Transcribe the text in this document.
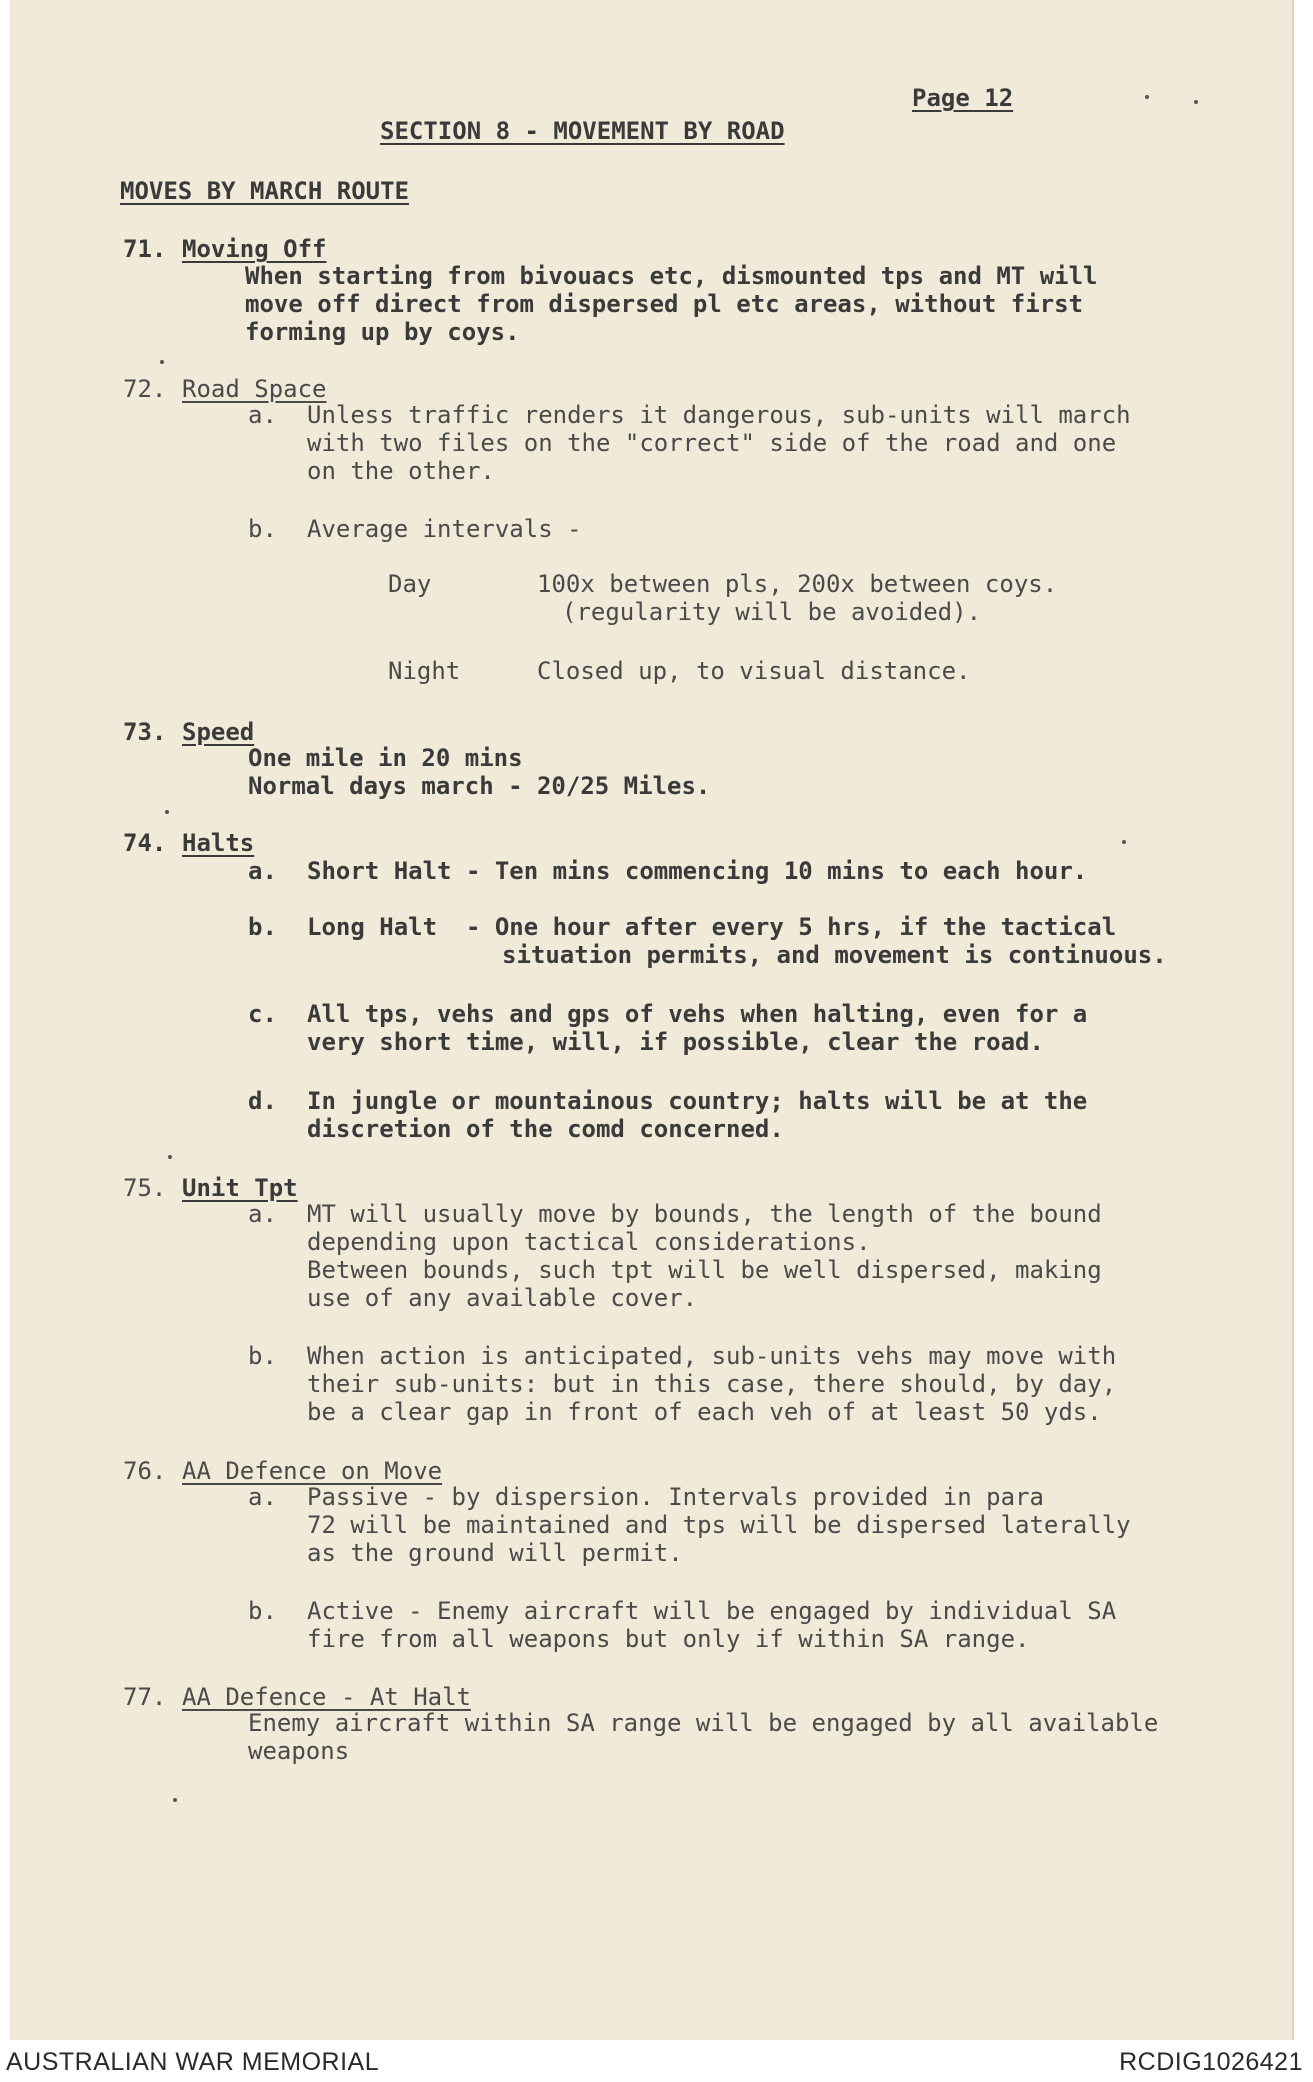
Page 12
SECTION 8 - MOVEMENT BY ROAD
MOVES BY MARCH ROUTE
71. Moving Off
When starting from bivouacs etc, dismounted tps and MT will
move off direct from dispersed pl etc areas, without first
forming up by coys.
72. Road Space
a. Unless traffic renders it dangerous, sub-units will march
with two files on the "correct" side of the road and one
on the other.
b. Average intervals -
Day	100x between pls, 200x between coys.
(regularity will be avoided).
Night	Closed up, to visual distance.
73. Speed
One mile in 20 mins
Normal days march - 20/25 Miles.
74. Halts
a. Short Halt - Ten mins commencing 10 mins to each hour.
b. Long Halt  - One hour after every 5 hrs, if the tactical
situation permits, and movement is continuous.
c. All tps, vehs and gps of vehs when halting, even for a
very short time, will, if possible, clear the road.
d. In jungle or mountainous country; halts will be at the
discretion of the comd concerned.
75. Unit Tpt
a. MT will usually move by bounds, the length of the bound
depending upon tactical considerations.
Between bounds, such tpt will be well dispersed, making
use of any available cover.
b. When action is anticipated, sub-units vehs may move with
their sub-units: but in this case, there should, by day,
be a clear gap in front of each veh of at least 50 yds.
76. AA Defence on Move
a. Passive - by dispersion. Intervals provided in para
72 will be maintained and tps will be dispersed laterally
as the ground will permit.
b. Active - Enemy aircraft will be engaged by individual SA
fire from all weapons but only if within SA range.
77. AA Defence - At Halt
Enemy aircraft within SA range will be engaged by all available
weapons
AUSTRALIAN WAR MEMORIAL	RCDIG1026421
